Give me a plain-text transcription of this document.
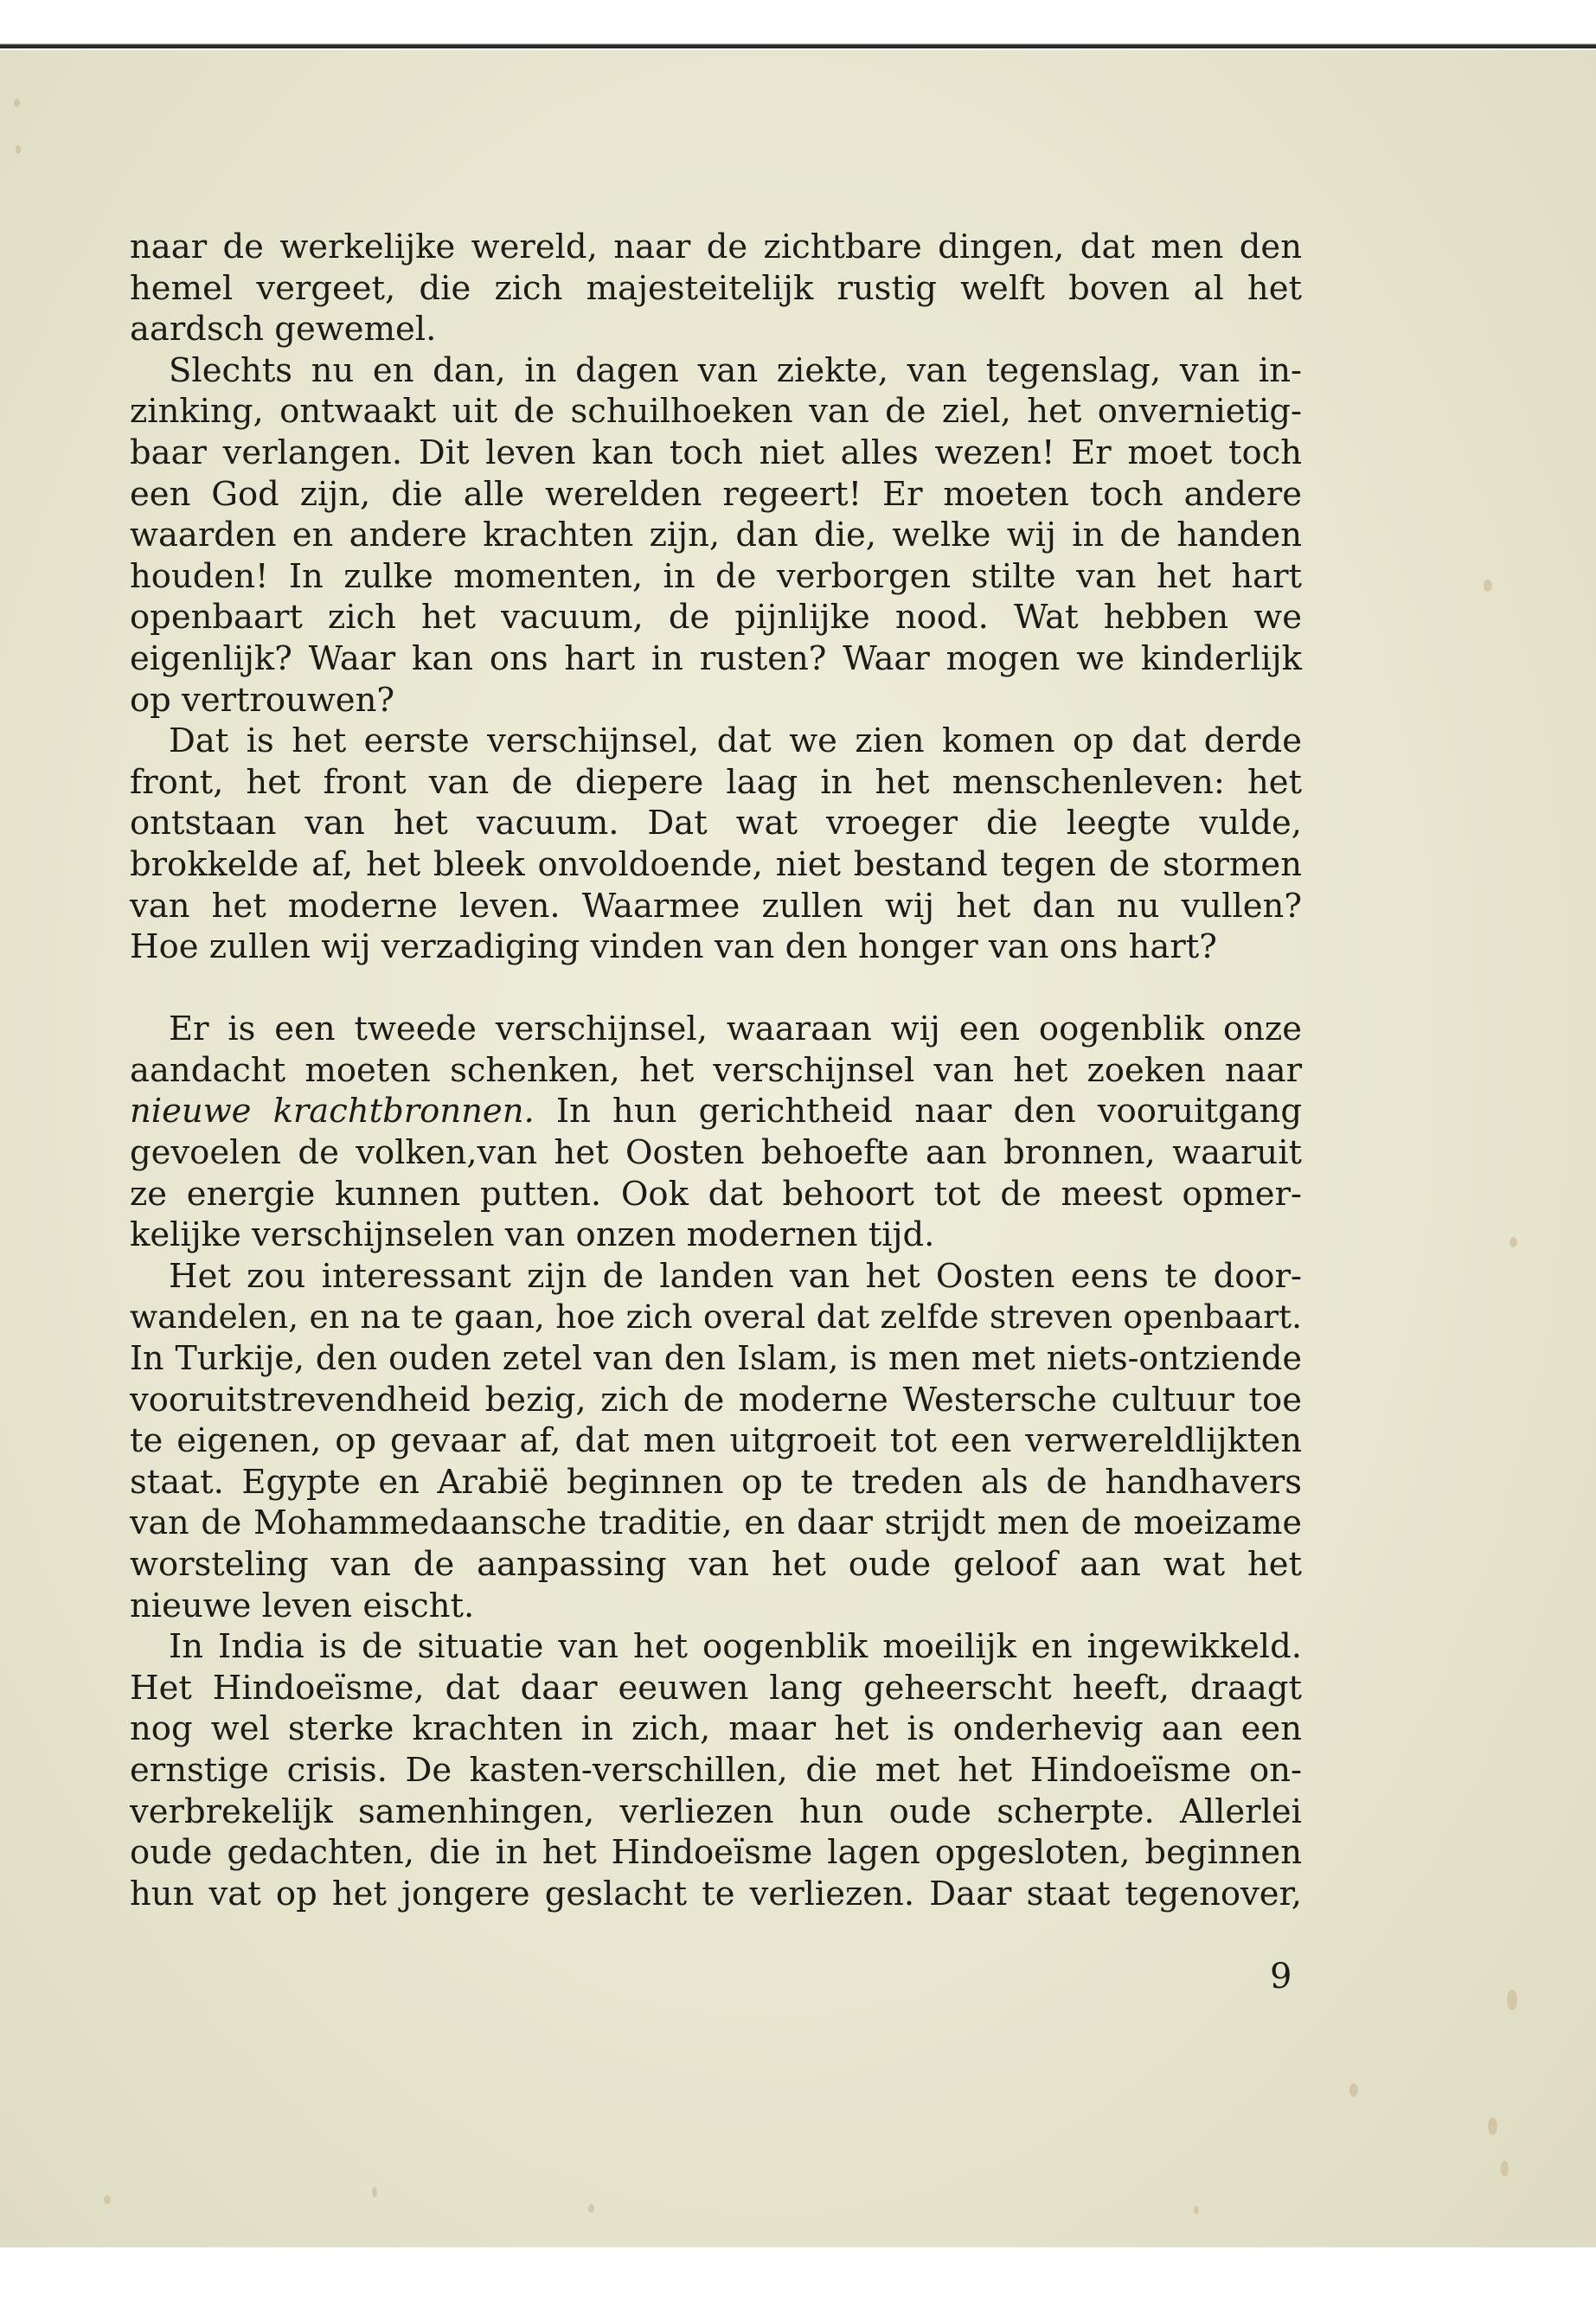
naar de werkelijke wereld, naar de zichtbare dingen, dat men den
hemel vergeet, die zich majesteitelijk rustig welft boven al het
aardsch gewemel.
Slechts nu en dan, in dagen van ziekte, van tegenslag, van in-
zinking, ontwaakt uit de schuilhoeken van de ziel, het onvernietig-
baar verlangen. Dit leven kan toch niet alles wezen! Er moet toch
een God zijn, die alle werelden regeert! Er moeten toch andere
waarden en andere krachten zijn, dan die, welke wij in de handen
houden! In zulke momenten, in de verborgen stilte van het hart
openbaart zich het vacuum, de pijnlijke nood. Wat hebben we
eigenlijk? Waar kan ons hart in rusten? Waar mogen we kinderlijk
op vertrouwen?
Dat is het eerste verschijnsel, dat we zien komen op dat derde
front, het front van de diepere laag in het menschenleven: het
ontstaan van het vacuum. Dat wat vroeger die leegte vulde,
brokkelde af, het bleek onvoldoende, niet bestand tegen de stormen
van het moderne leven. Waarmee zullen wij het dan nu vullen?
Hoe zullen wij verzadiging vinden van den honger van ons hart?
Er is een tweede verschijnsel, waaraan wij een oogenblik onze
aandacht moeten schenken, het verschijnsel van het zoeken naar
nieuwe krachtbronnen. In hun gerichtheid naar den vooruitgang
gevoelen de volken,van het Oosten behoefte aan bronnen, waaruit
ze energie kunnen putten. Ook dat behoort tot de meest opmer-
kelijke verschijnselen van onzen modernen tijd.
Het zou interessant zijn de landen van het Oosten eens te door-
wandelen, en na te gaan, hoe zich overal dat zelfde streven openbaart.
In Turkije, den ouden zetel van den Islam, is men met niets-ontziende
vooruitstrevendheid bezig, zich de moderne Westersche cultuur toe
te eigenen, op gevaar af, dat men uitgroeit tot een verwereldlijkten
staat. Egypte en Arabië beginnen op te treden als de handhavers
van de Mohammedaansche traditie, en daar strijdt men de moeizame
worsteling van de aanpassing van het oude geloof aan wat het
nieuwe leven eischt.
In India is de situatie van het oogenblik moeilijk en ingewikkeld.
Het Hindoeïsme, dat daar eeuwen lang geheerscht heeft, draagt
nog wel sterke krachten in zich, maar het is onderhevig aan een
ernstige crisis. De kasten-verschillen, die met het Hindoeïsme on-
verbrekelijk samenhingen, verliezen hun oude scherpte. Allerlei
oude gedachten, die in het Hindoeïsme lagen opgesloten, beginnen
hun vat op het jongere geslacht te verliezen. Daar staat tegenover,
9
